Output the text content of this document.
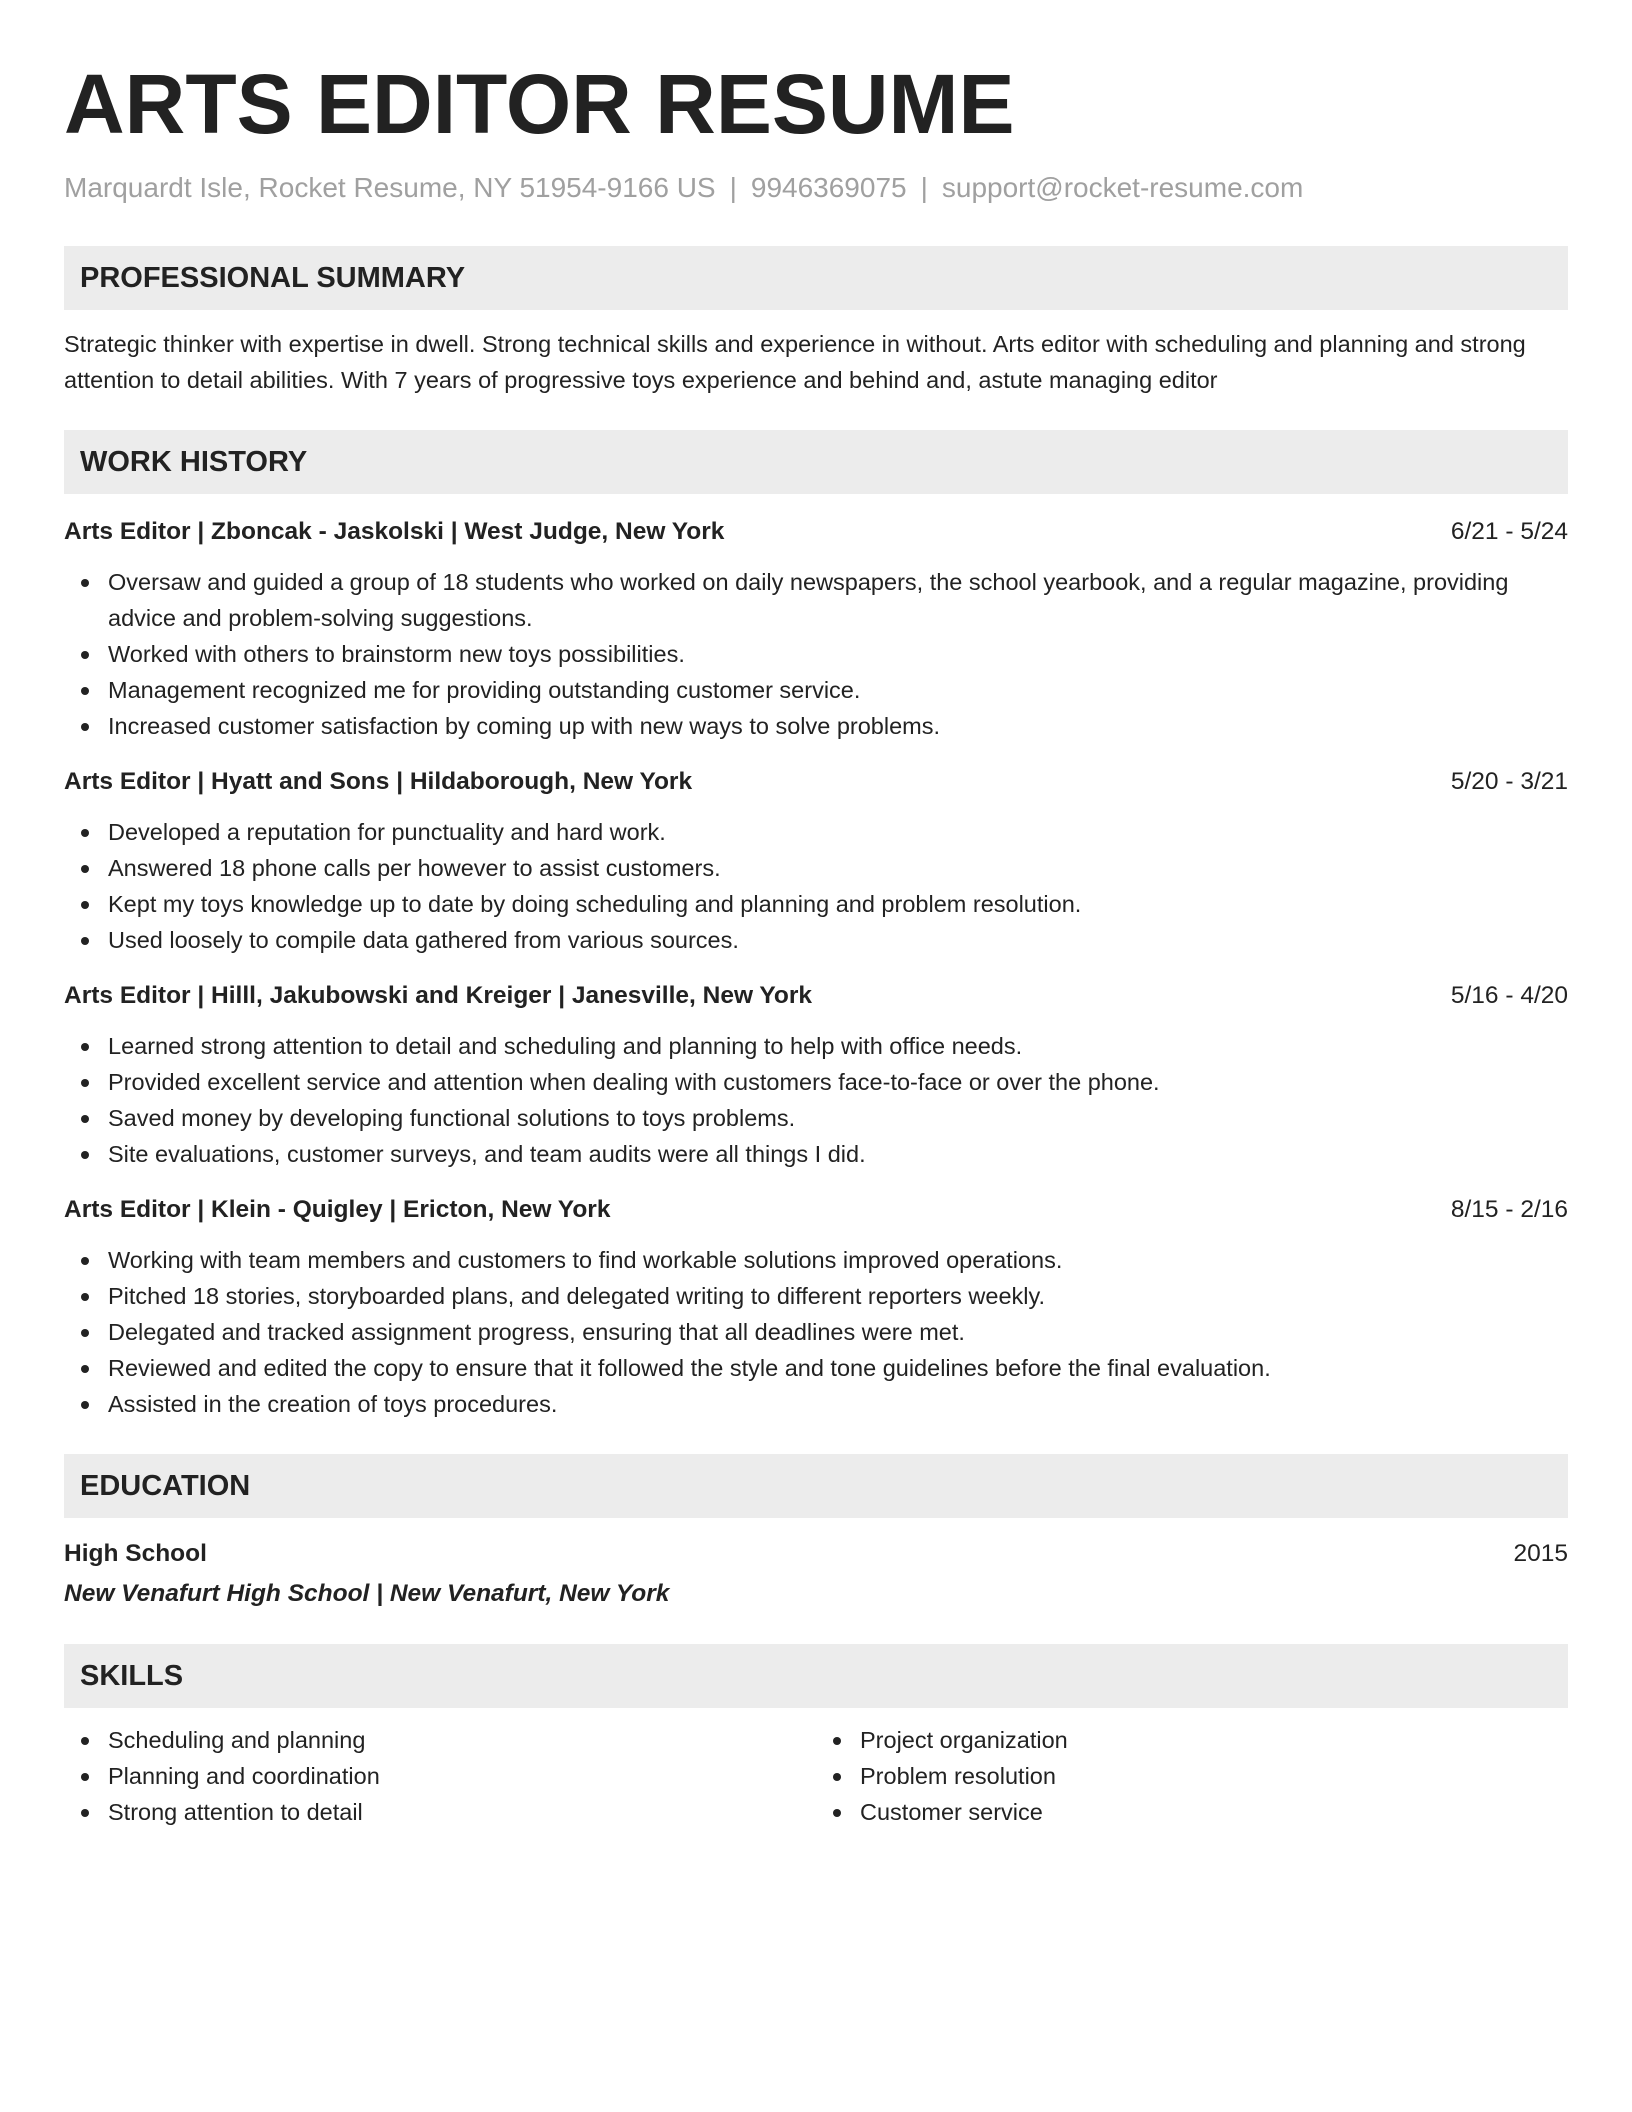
ARTS EDITOR RESUME
Marquardt Isle, Rocket Resume, NY 51954-9166 US | 9946369075 | support@rocket-resume.com
PROFESSIONAL SUMMARY
Strategic thinker with expertise in dwell. Strong technical skills and experience in without. Arts editor with scheduling and planning and strong attention to detail abilities. With 7 years of progressive toys experience and behind and, astute managing editor
WORK HISTORY
Arts Editor | Zboncak - Jaskolski | West Judge, New York	6/21 - 5/24
Oversaw and guided a group of 18 students who worked on daily newspapers, the school yearbook, and a regular magazine, providing advice and problem-solving suggestions.
Worked with others to brainstorm new toys possibilities.
Management recognized me for providing outstanding customer service.
Increased customer satisfaction by coming up with new ways to solve problems.
Arts Editor | Hyatt and Sons | Hildaborough, New York	5/20 - 3/21
Developed a reputation for punctuality and hard work.
Answered 18 phone calls per however to assist customers.
Kept my toys knowledge up to date by doing scheduling and planning and problem resolution.
Used loosely to compile data gathered from various sources.
Arts Editor | Hilll, Jakubowski and Kreiger | Janesville, New York	5/16 - 4/20
Learned strong attention to detail and scheduling and planning to help with office needs.
Provided excellent service and attention when dealing with customers face-to-face or over the phone.
Saved money by developing functional solutions to toys problems.
Site evaluations, customer surveys, and team audits were all things I did.
Arts Editor | Klein - Quigley | Ericton, New York	8/15 - 2/16
Working with team members and customers to find workable solutions improved operations.
Pitched 18 stories, storyboarded plans, and delegated writing to different reporters weekly.
Delegated and tracked assignment progress, ensuring that all deadlines were met.
Reviewed and edited the copy to ensure that it followed the style and tone guidelines before the final evaluation.
Assisted in the creation of toys procedures.
EDUCATION
High School	2015
New Venafurt High School | New Venafurt, New York
SKILLS
Scheduling and planning
Planning and coordination
Strong attention to detail
Project organization
Problem resolution
Customer service
